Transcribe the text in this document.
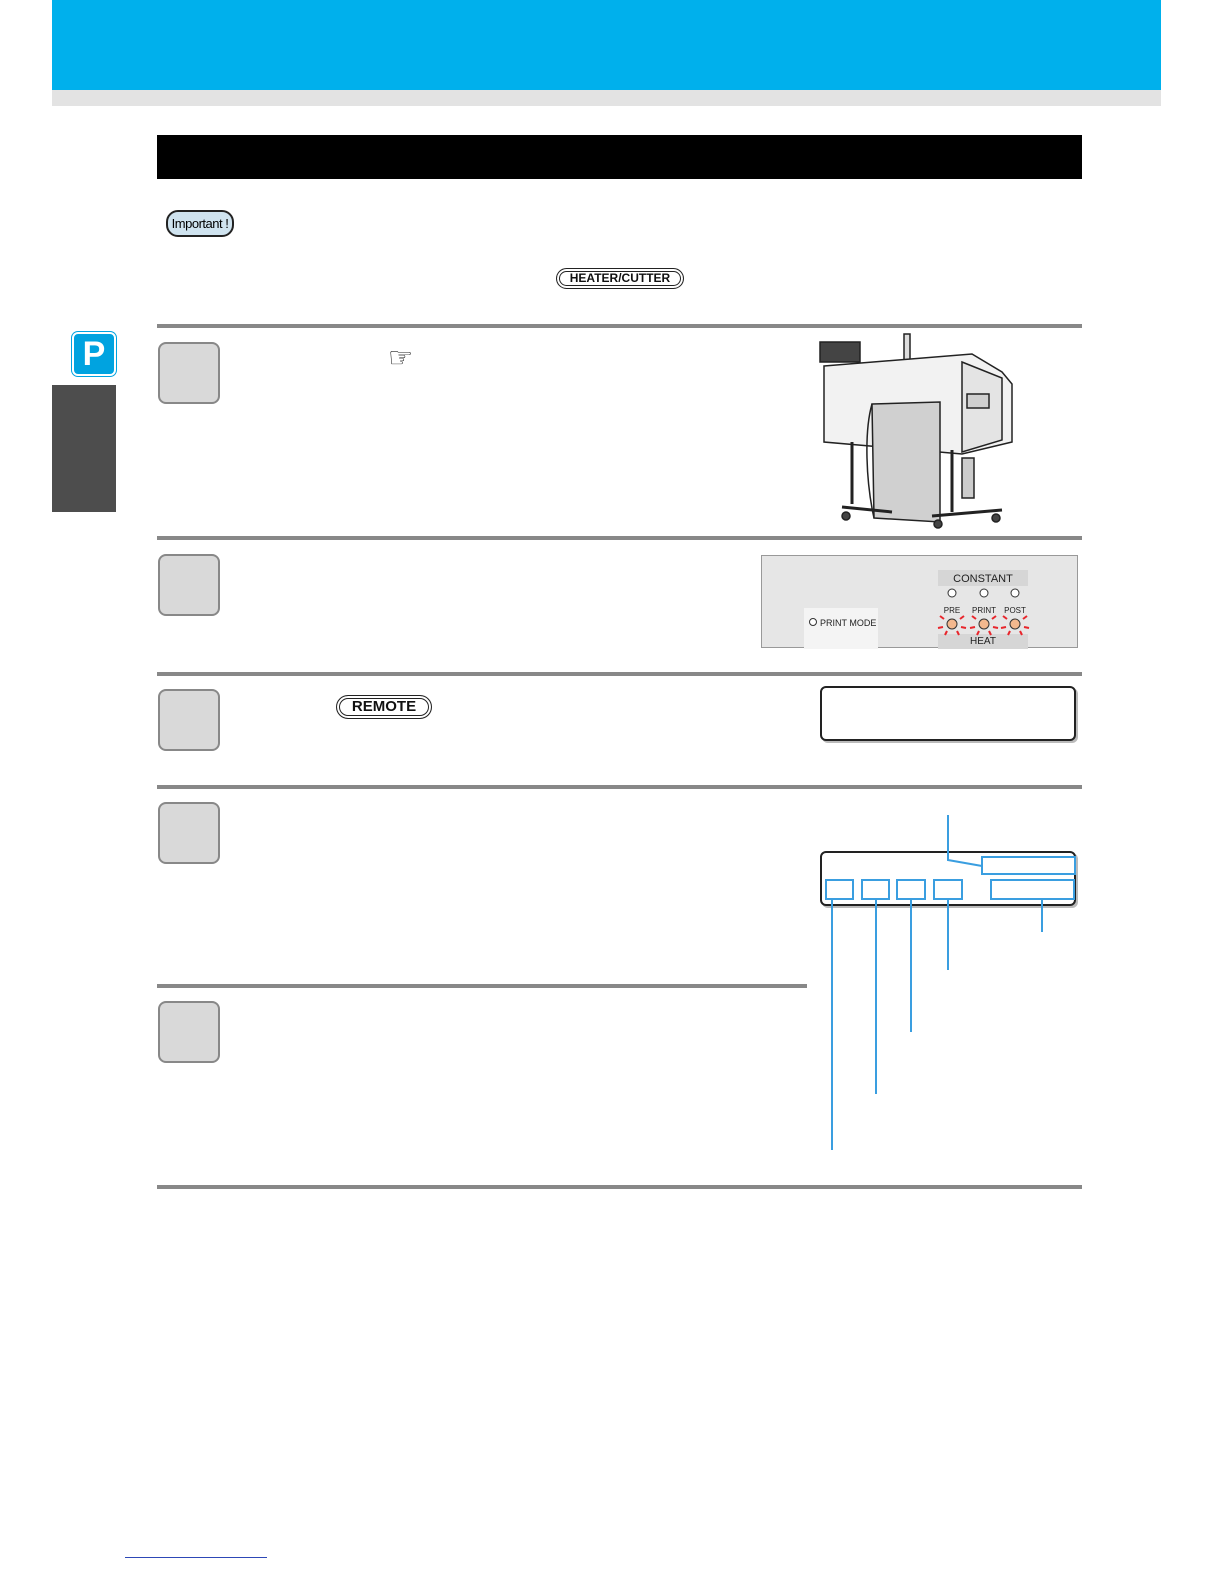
Important !
HEATER/CUTTER
P	☞
CONSTANT
PRINT MODE
PRE PRINT POST
HEAT
REMOTE
